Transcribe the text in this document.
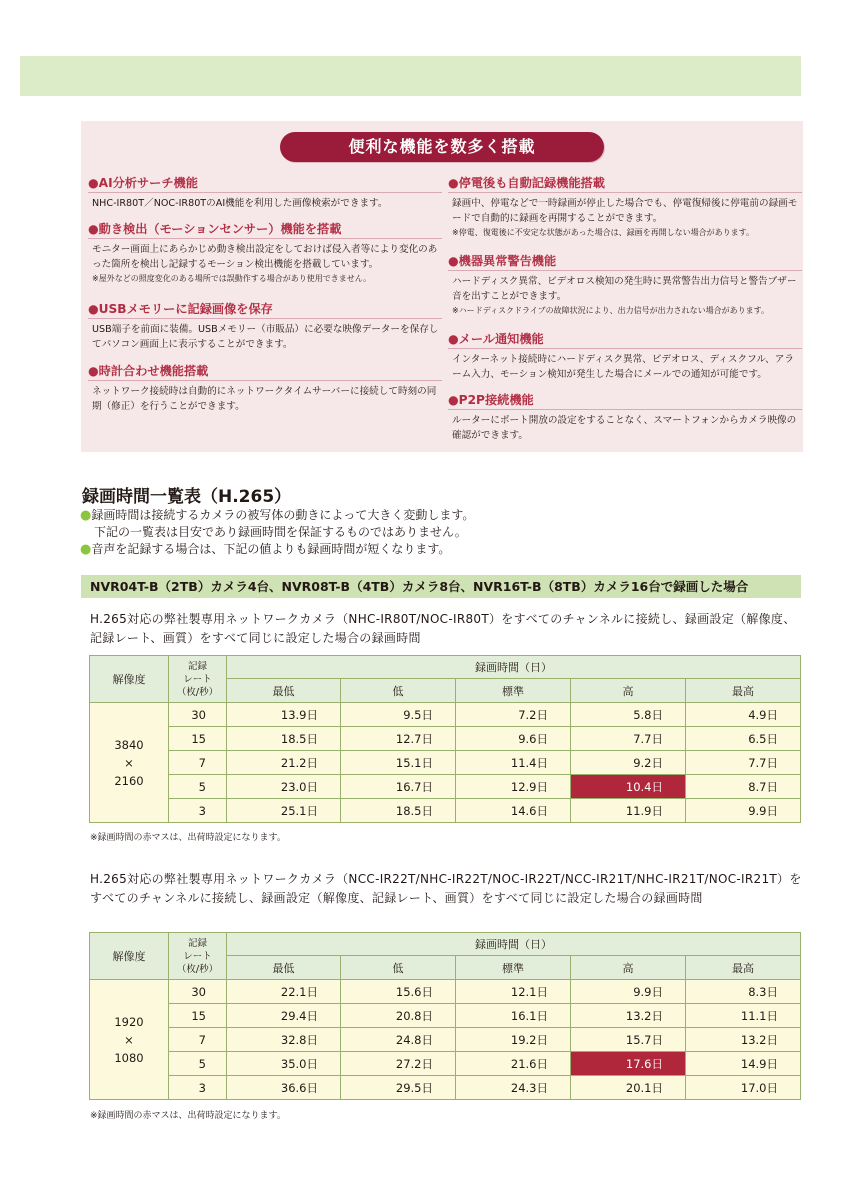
便利な機能を数多く搭載
●AI分析サーチ機能

NHC-IR80T／NOC-IR80TのAI機能を利用した画像検索ができます。

●動き検出（モーションセンサー）機能を搭載

モニター画面上にあらかじめ動き検出設定をしておけば侵入者等により変化のあった箇所を検出し記録するモーション検出機能を搭載しています。

※屋外などの照度変化のある場所では誤動作する場合があり使用できません。

●USBメモリーに記録画像を保存

USB端子を前面に装備。USBメモリー（市販品）に必要な映像データーを保存してパソコン画面上に表示することができます。

●時計合わせ機能搭載

ネットワーク接続時は自動的にネットワークタイムサーバーに接続して時刻の同期（修正）を行うことができます。

●停電後も自動記録機能搭載

録画中、停電などで一時録画が停止した場合でも、停電復帰後に停電前の録画モードで自動的に録画を再開することができます。

※停電、復電後に不安定な状態があった場合は、録画を再開しない場合があります。

●機器異常警告機能

ハードディスク異常、ビデオロス検知の発生時に異常警告出力信号と警告ブザー音を出すことができます。

※ハードディスクドライブの故障状況により、出力信号が出力されない場合があります。

●メール通知機能

インターネット接続時にハードディスク異常、ビデオロス、ディスクフル、アラーム入力、モーション検知が発生した場合にメールでの通知が可能です。

●P2P接続機能

ルーターにポート開放の設定をすることなく、スマートフォンからカメラ映像の確認ができます。

録画時間一覧表（H.265）
●録画時間は接続するカメラの被写体の動きによって大きく変動します。
下記の一覧表は目安であり録画時間を保証するものではありません。
●音声を記録する場合は、下記の値よりも録画時間が短くなります。
NVR04T-B（2TB）カメラ4台、NVR08T-B（4TB）カメラ8台、NVR16T-B（8TB）カメラ16台で録画した場合
H.265対応の弊社製専用ネットワークカメラ（NHC-IR80T/NOC-IR80T）をすべてのチャンネルに接続し、録画設定（解像度、記録レート、画質）をすべて同じに設定した場合の録画時間
解像度	記録
レート
（枚/秒）	録画時間（日）				
		最低	低	標準	高	最高
3840
×
2160	30	13.9日	9.5日	7.2日	5.8日	4.9日
	15	18.5日	12.7日	9.6日	7.7日	6.5日
	7	21.2日	15.1日	11.4日	9.2日	7.7日
	5	23.0日	16.7日	12.9日	10.4日	8.7日
	3	25.1日	18.5日	14.6日	11.9日	9.9日
※録画時間の赤マスは、出荷時設定になります。
H.265対応の弊社製専用ネットワークカメラ（NCC-IR22T/NHC-IR22T/NOC-IR22T/NCC-IR21T/NHC-IR21T/NOC-IR21T）をすべてのチャンネルに接続し、録画設定（解像度、記録レート、画質）をすべて同じに設定した場合の録画時間
解像度	記録
レート
（枚/秒）	録画時間（日）				
		最低	低	標準	高	最高
1920
×
1080	30	22.1日	15.6日	12.1日	9.9日	8.3日
	15	29.4日	20.8日	16.1日	13.2日	11.1日
	7	32.8日	24.8日	19.2日	15.7日	13.2日
	5	35.0日	27.2日	21.6日	17.6日	14.9日
	3	36.6日	29.5日	24.3日	20.1日	17.0日
※録画時間の赤マスは、出荷時設定になります。
